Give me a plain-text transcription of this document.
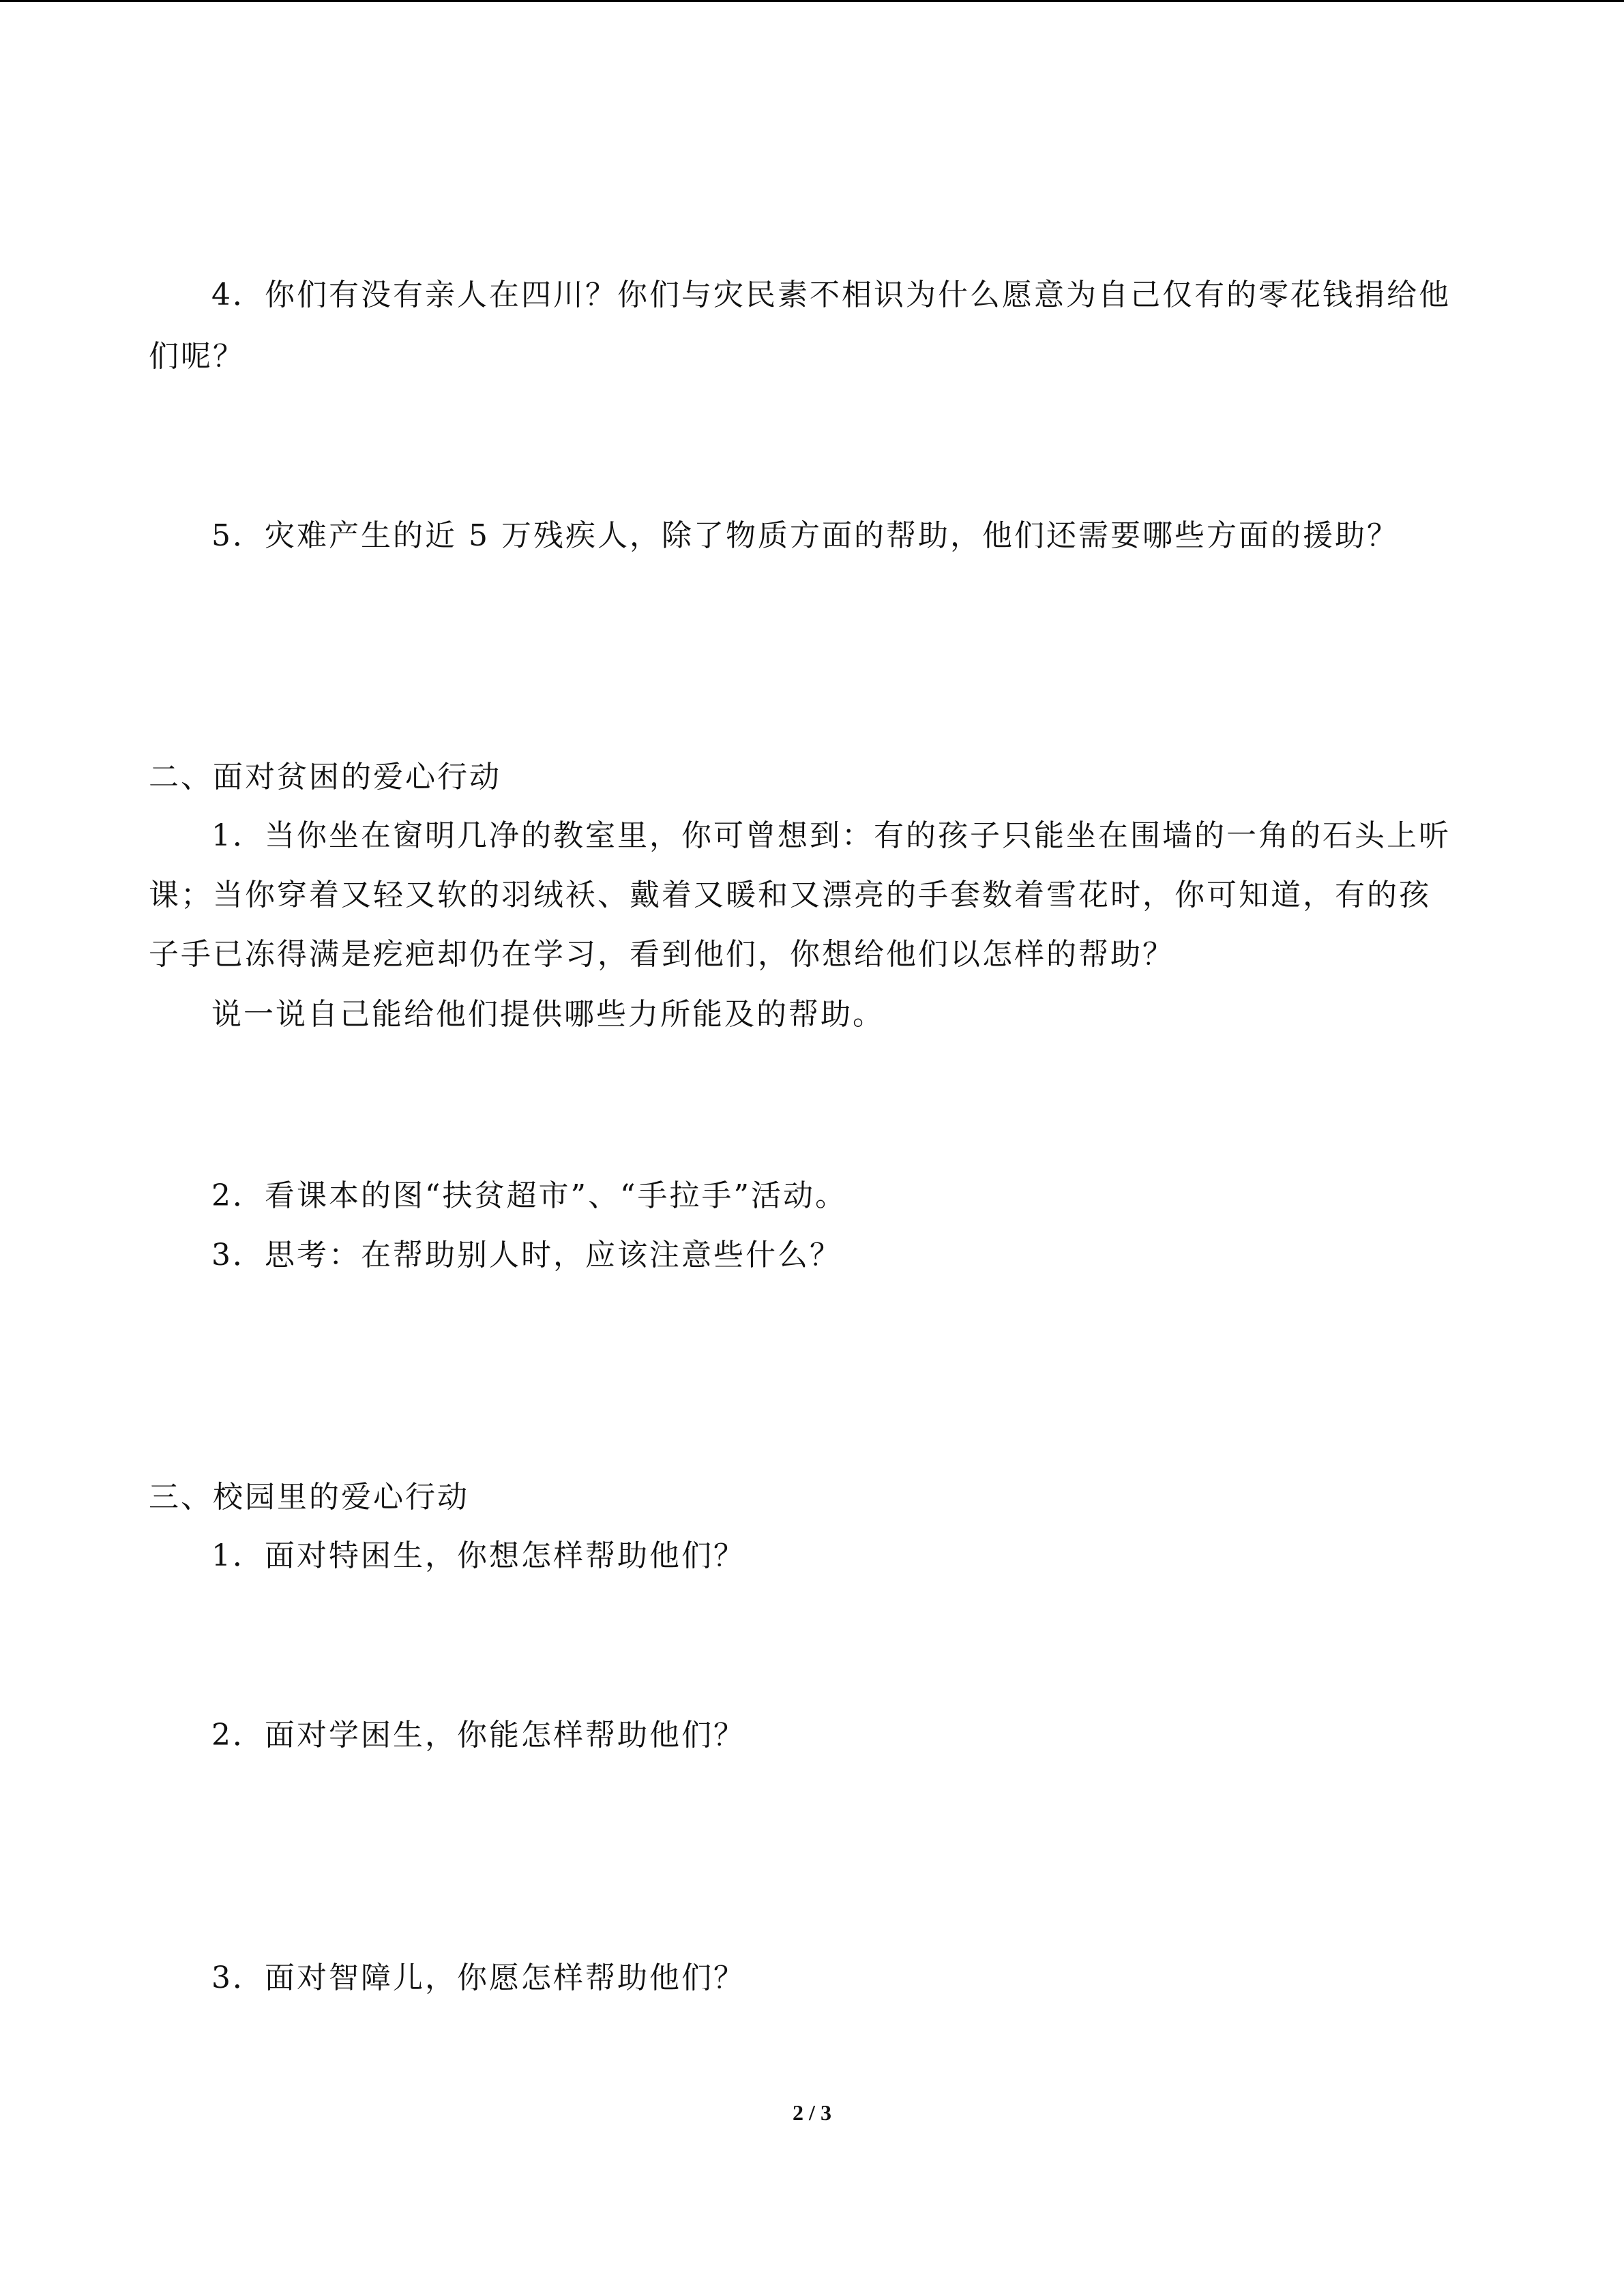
4．你们有没有亲人在四川？你们与灾民素不相识为什么愿意为自己仅有的零花钱捐给他
们呢？
5．灾难产生的近 5 万残疾人，除了物质方面的帮助，他们还需要哪些方面的援助？
二、面对贫困的爱心行动
1．当你坐在窗明几净的教室里，你可曾想到：有的孩子只能坐在围墙的一角的石头上听
课；当你穿着又轻又软的羽绒袄、戴着又暖和又漂亮的手套数着雪花时，你可知道，有的孩
子手已冻得满是疙疤却仍在学习，看到他们，你想给他们以怎样的帮助？
说一说自己能给他们提供哪些力所能及的帮助。
2．看课本的图“扶贫超市”、“手拉手”活动。
3．思考：在帮助别人时，应该注意些什么？
三、校园里的爱心行动
1．面对特困生，你想怎样帮助他们？
2．面对学困生，你能怎样帮助他们？
3．面对智障儿，你愿怎样帮助他们？
2 / 3
